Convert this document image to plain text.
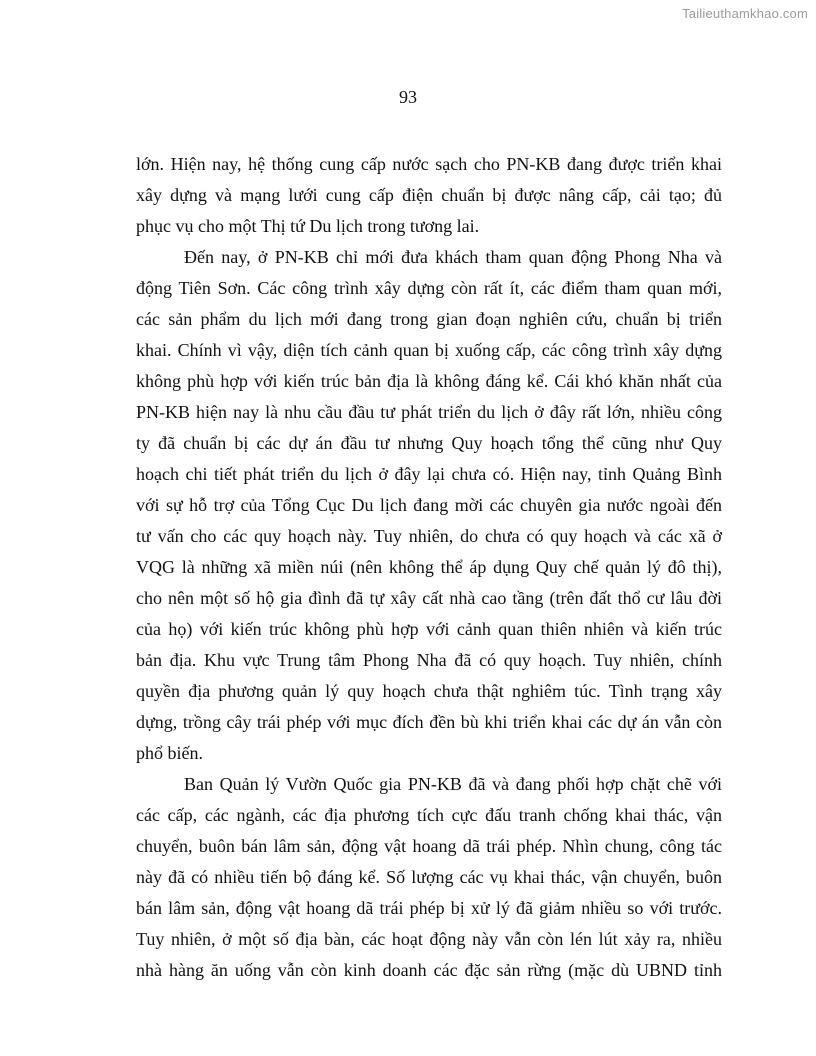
Tailieuthamkhao.com
93
lớn. Hiện nay, hệ thống cung cấp nước sạch cho PN-KB đang được triển khai
xây dựng và mạng lưới cung cấp điện chuẩn bị được nâng cấp, cải tạo; đủ
phục vụ cho một Thị tứ Du lịch trong tương lai.
Đến nay, ở PN-KB chỉ mới đưa khách tham quan động Phong Nha và
động Tiên Sơn. Các công trình xây dựng còn rất ít, các điểm tham quan mới,
các sản phẩm du lịch mới đang trong gian đoạn nghiên cứu, chuẩn bị triển
khai. Chính vì vậy, diện tích cảnh quan bị xuống cấp, các công trình xây dựng
không phù hợp với kiến trúc bản địa là không đáng kể. Cái khó khăn nhất của
PN-KB hiện nay là nhu cầu đầu tư phát triển du lịch ở đây rất lớn, nhiều công
ty đã chuẩn bị các dự án đầu tư nhưng Quy hoạch tổng thể cũng như Quy
hoạch chi tiết phát triển du lịch ở đây lại chưa có. Hiện nay, tỉnh Quảng Bình
với sự hỗ trợ của Tổng Cục Du lịch đang mời các chuyên gia nước ngoài đến
tư vấn cho các quy hoạch này. Tuy nhiên, do chưa có quy hoạch và các xã ở
VQG là những xã miền núi (nên không thể áp dụng Quy chế quản lý đô thị),
cho nên một số hộ gia đình đã tự xây cất nhà cao tầng (trên đất thổ cư lâu đời
của họ) với kiến trúc không phù hợp với cảnh quan thiên nhiên và kiến trúc
bản địa. Khu vực Trung tâm Phong Nha đã có quy hoạch. Tuy nhiên, chính
quyền địa phương quản lý quy hoạch chưa thật nghiêm túc. Tình trạng xây
dựng, trồng cây trái phép với mục đích đền bù khi triển khai các dự án vẫn còn
phổ biến.
Ban Quản lý Vườn Quốc gia PN-KB đã và đang phối hợp chặt chẽ với
các cấp, các ngành, các địa phương tích cực đấu tranh chống khai thác, vận
chuyển, buôn bán lâm sản, động vật hoang dã trái phép. Nhìn chung, công tác
này đã có nhiều tiến bộ đáng kể. Số lượng các vụ khai thác, vận chuyển, buôn
bán lâm sản, động vật hoang dã trái phép bị xử lý đã giảm nhiều so với trước.
Tuy nhiên, ở một số địa bàn, các hoạt động này vẫn còn lén lút xảy ra, nhiều
nhà hàng ăn uống vẫn còn kinh doanh các đặc sản rừng (mặc dù UBND tỉnh
